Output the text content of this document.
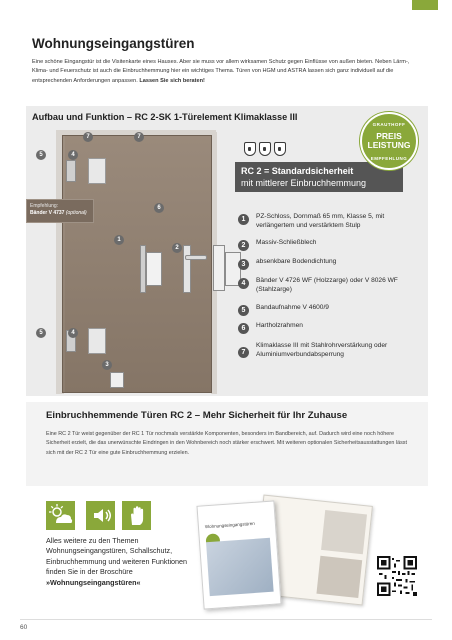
Wohnungseingangstüren

Eine schöne Eingangstür ist die Visitenkarte eines Hauses. Aber sie muss vor allem wirksamen Schutz gegen Einflüsse von außen bieten. Neben Lärm-, Klima- und Feuerschutz ist auch die Einbruchhemmung hier ein wichtiges Thema. Türen von HGM und ASTRA lassen sich ganz individuell auf die entsprechenden Anforderungen anpassen. Lassen Sie sich beraten!

Aufbau und Funktion – RC 2-SK 1-Türelement Klimaklasse III
7	7
5	4
6
1
2
5	4
3
Empfehlung:
Bänder V 4737 (optional)
RC 2 = Standardsicherheit
mit mittlerer Einbruchhemmung
GRAUTHOFF
PREIS
LEISTUNG
EMPFEHLUNG
1	PZ-Schloss, Dornmaß 65 mm, Klasse 5, mit verlängertem und verstärktem Stulp
2	Massiv-Schließblech
3	absenkbare Bodendichtung
4	Bänder V 4726 WF (Holzzarge) oder V 8026 WF (Stahlzarge)
5	Bandaufnahme V 4600/9
6	Hartholzrahmen
7
Klimaklasse III mit Stahlrohrverstärkung oder Aluminiumverbundabsperrung
Einbruchhemmende Türen RC 2 – Mehr Sicherheit für Ihr Zuhause

Eine RC 2 Tür weist gegenüber der RC 1 Tür nochmals verstärkte Komponenten, besonders im Bandbereich, auf. Dadurch wird eine noch höhere Sicherheit erzielt, die das unerwünschte Eindringen in den Wohnbereich noch stärker erschwert. Mit weiteren optionalen Sicherheitsausstattungen lässt sich mit der RC 2 Tür eine gute Einbruchhemmung erzielen.

Alles weitere zu den Themen Wohnungseingangstüren, Schallschutz, Einbruchhemmung und weiteren Funktionen finden Sie in der Broschüre »Wohnungseingangstüren«

Wohnungseingangstüren
60
